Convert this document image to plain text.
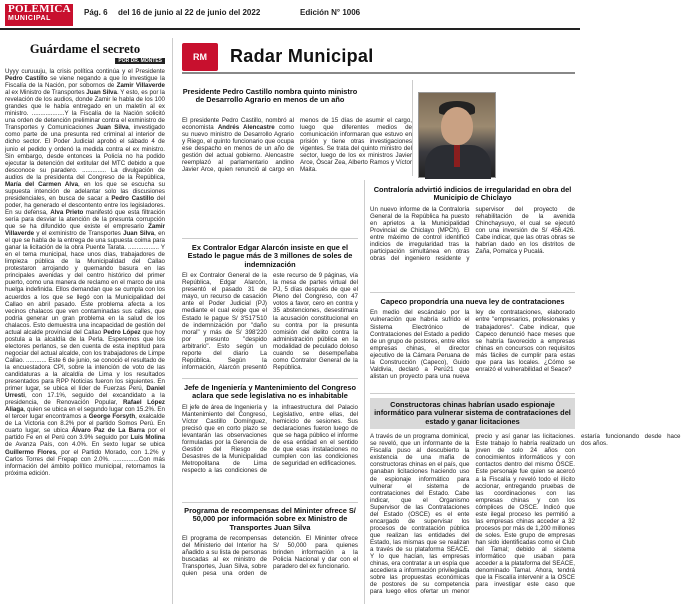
POLÉMICA
MUNICIPAL
Pág. 6 del 16 de junio al 22 de junio del 2022	Edición N° 1006
Guárdame el secreto
POR DR. MONTES
Uyyy curuuuju, la crisis política continúa y el Presidente Pedro Castillo se viene negando a que lo investigue la Fiscalía de la Nación, por sobornos de Zamir Villaverde al ex Ministro de Transportes Juan Silva. Y esto, es por la revelación de los audios, donde Zamir le habla de los 100 grandes que le había entregado en un maletín al ex ministro. ...................Y la Fiscalía de la Nación solicitó una orden de detención preliminar contra el exministro de Transportes y Comunicaciones Juan Silva, investigado como parte de una presunta red criminal al interior de dicho sector. El Poder Judicial aprobó el sábado 4 de junio el pedido y ordenó la medida contra el ex ministro. Sin embargo, desde entonces la Policía no ha podido ejecutar la detención del extitular del MTC debido a que desconoce su paradero. .............. La divulgación de audios de la presidenta del Congreso de la República, María del Carmen Alva, en los que se escucha su supuesta intención de adelantar solo las discusiones presidenciales, en busca de sacar a Pedro Castillo del poder, ha generado el descontento entre los legisladores. En su defensa, Alva Prieto manifestó que esta filtración sería para desviar la atención de la presunta corrupción que se ha difundido que existe el empresario Zamir Villaverde y el exministro de Transportes Juan Silva, en el que se habla de la entrega de una supuesta coima para ganar la licitación de la obra Puente Tarata. .................. Y en el tema municipal, hace unos días, trabajadores de limpieza pública de la Municipalidad del Callao protestaron arrojando y quemando basura en las principales avenidas y del centro histórico del primer puerto, como una manera de reclamo en el marco de una huelga indefinida. Ellos demandan que se cumpla con los acuerdos a los que se llegó con la Municipalidad del Callao en abril pasado. Este problema afecta a los vecinos chalacos que ven contaminadas sus calles, que podría generar un gran problema en la salud de los chalacos. Esto demuestra una incapacidad de gestión del actual alcalde provincial del Callao Pedro López que hoy postula a la alcaldía de la Perla. Esperemos que los electores perlanos, se den cuenta de esta ineptitud para negociar del actual alcalde, con los trabajadores de Limpe Callao. ............ Este 6 de junio, se conoció el resultado de la encuestadora CPI, sobre la intención de voto de las candidaturas a la alcaldía de Lima y los resultados presentados para RPP Noticias fueron los siguientes. En primer lugar, se ubica el líder de Fuerzas Perú, Daniel Urresti, con 17.1%, seguido del excandidato a la presidencia, de Renovación Popular, Rafael López Aliaga, quien se ubica en el segundo lugar con 15.2%. En el tercer lugar encontramos a George Forsyth, exalcalde de La Victoria con 8.2% por el partido Somos Perú. En cuarto lugar, se ubica Álvaro Paz de La Barra por el partido Fe en el Perú con 3.9% seguido por Luis Molina de Avanza País, con 4.0%. En sexto lugar se ubica Guillermo Flores, por el Partido Morado, con 1.2% y Carlos Torres del Frepap con 2.0%. ...............Con más información del ámbito político municipal, retornamos la próxima edición.
RM	Radar Municipal
Presidente Pedro Castillo nombra quinto ministro de Desarrollo Agrario en menos de un año
El presidente Pedro Castillo, nombró al economista Andrés Alencastre como su nuevo ministro de Desarrollo Agrario y Riego, el quinto funcionario que ocupa ese despacho en menos de un año de gestión del actual gobierno. Alencastre reemplazó al parlamentario andino Javier Arce, quien renunció al cargo en menos de 15 días de asumir el cargo, luego que diferentes medios de comunicación informaran que estuvo en prisión y tiene otras investigaciones vigentes. Se trata del quinto ministro del sector, luego de los ex ministros Javier Arce, Óscar Zea, Alberto Ramos y Víctor Maita.
Ex Contralor Edgar Alarcón insiste en que el Estado le pague más de 3 millones de soles de indemnización
El ex Contralor General de la República, Edgar Alarcón, presentó el pasado 31 de mayo, un recurso de casación ante el Poder Judicial (PJ) mediante el cual exige que el Estado le pague S/ 3'517'510 de indemnización por "daño moral" y más de S/ 398'220 por presunto "despido arbitrario". Esto según un reporte del diario La República. Según la información, Alarcón presentó este recurso de 9 páginas, vía la mesa de partes virtual del PJ, 5 días después de que el Pleno del Congreso, con 47 votos a favor, cero en contra y 35 abstenciones, desestimara la acusación constitucional en su contra por la presunta comisión del delito contra la administración pública en la modalidad de peculado doloso cuando se desempeñaba como Contralor General de la República.
Jefe de Ingeniería y Mantenimiento del Congreso aclara que sede legislativa no es inhabitable
El jefe de área de Ingeniería y Mantenimiento del Congreso, Víctor Castillo Domínguez, precisó que en corto plazo se levantarán las observaciones formuladas por la Gerencia de Gestión del Riesgo de Desastres de la Municipalidad Metropolitana de Lima respecto a las condiciones de la infraestructura del Palacio Legislativo, entre ellas, del hemiciclo de sesiones. Sus declaraciones fueron luego de que se haga público el informe de esa entidad en el sentido de que esas instalaciones no cumplen con las condiciones de seguridad en edificaciones.
Programa de recompensas del Mininter ofrece S/ 50,000 por información sobre ex Ministro de Transportes Juan Silva
El programa de recompensas del Ministerio del Interior ha añadido a su lista de personas buscadas al ex ministro de Transportes, Juan Silva, sobre quien pesa una orden de detención. El Mininter ofrece S/ 50,000 para quienes brinden información a la Policía Nacional y dar con el paradero del ex funcionario.
Contraloría advirtió indicios de irregularidad en obra del Municipio de Chiclayo
Un nuevo informe de la Contraloría General de la República ha puesto en aprietos a la Municipalidad Provincial de Chiclayo (MPCh). El entre máximo de control identificó indicios de irregularidad tras la participación simultánea en otras obras del ingeniero residente y supervisor del proyecto de rehabilitación de la avenida Chinchaysuyo, el cual se ejecutó con una inversión de S/ 456.426. Cabe indicar, que las otras obras se habrían dado en los distritos de Zaña, Pomalca y Pucalá.
Capeco propondría una nueva ley de contrataciones
En medio del escándalo por la vulneración que habría sufrido el Sistema Electrónico de Contrataciones del Estado a pedido de un grupo de postores, entre ellos empresas chinas, el director ejecutivo de la Cámara Peruana de la Construcción (Capeco), Guido Valdivia, declaró a Perú21 que alistan un proyecto para una nueva ley de contrataciones, elaborado entre "empresarios, profesionales y trabajadores". Cabe indicar, que Capeco denunció hace meses que se habría favorecido a empresas chinas en concursos con requisitos más fáciles de cumplir para estas que para las locales. ¿Cómo se enraizó el vulnerabilidad el Seace?
Constructoras chinas habrían usado espionaje informático para vulnerar sistema de contrataciones del estado y ganar licitaciones
A través de un programa dominical, se reveló, que un informante de la Fiscalía puso al descubierto la existencia de una mafia de constructoras chinas en el país, que ganaban licitaciones haciendo uso de espionaje informático para vulnerar el sistema de contrataciones del Estado. Cabe indicar, que el Organismo Supervisor de las Contrataciones del Estado (OSCE) es el ente encargado de supervisar los procesos de contratación pública que realizan las entidades del Estado, las mismas que se realizan a través de su plataforma SEACE. Y lo que hacían, las empresas chinas, era contratar a un espía que accediera a información privilegiada sobre las propuestas económicas de postores de su competencia para luego ellos ofertar un menor precio y así ganar las licitaciones. Este trabajo lo habría realizado un joven de solo 24 años con conocimientos informáticos y con contactos dentro del mismo OSCE. Este personaje fue quien se acercó a la Fiscalía y reveló todo el ilícito accionar, entregando pruebas de las coordinaciones con las empresas chinas y con los cómplices de OSCE. Indicó que este ilegal proceso les permitió a las empresas chinas acceder a 32 procesos por más de 1,200 millones de soles. Este grupo de empresas han sido identificadas como el Club del Tamal; debido al sistema informático que usaban para acceder a la plataforma del SEACE, denominado Tamal. Ahora, tendrá que la Fiscalía intervenir a la OSCE para investigar este caso que estaría funcionando desde hace dos años.
